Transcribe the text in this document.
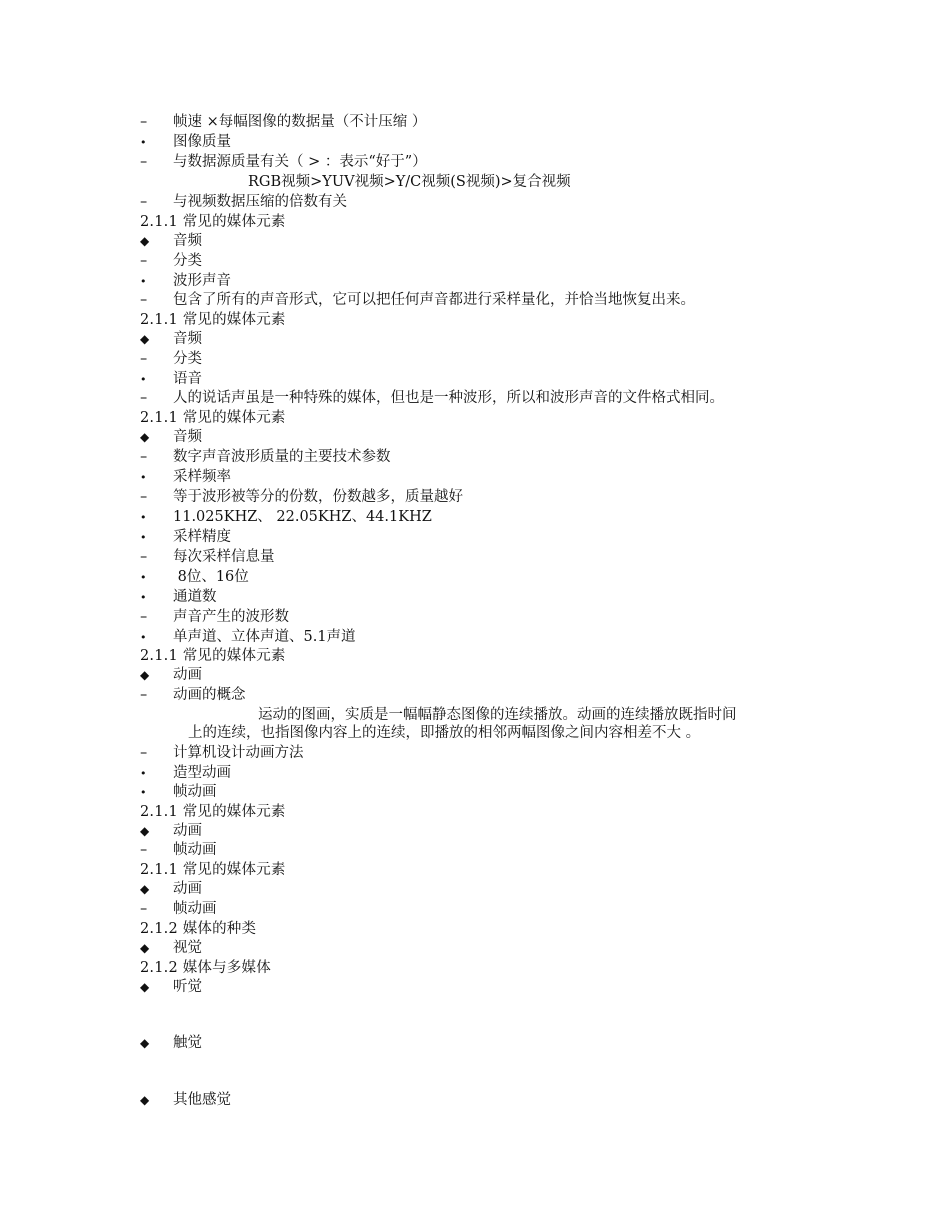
– 帧速 ×每幅图像的数据量（不计压缩 ）
• 图像质量
– 与数据源质量有关（ > ：表示“好于”）
RGB视频>YUV视频>Y/C视频(S视频)>复合视频
– 与视频数据压缩的倍数有关
2.1.1 常见的媒体元素
◆ 音频
– 分类
• 波形声音
– 包含了所有的声音形式，它可以把任何声音都进行采样量化，并恰当地恢复出来。
2.1.1 常见的媒体元素
◆ 音频
– 分类
• 语音
– 人的说话声虽是一种特殊的媒体，但也是一种波形，所以和波形声音的文件格式相同。
2.1.1 常见的媒体元素
◆ 音频
– 数字声音波形质量的主要技术参数
• 采样频率
– 等于波形被等分的份数，份数越多，质量越好
• 11.025KHZ、 22.05KHZ、44.1KHZ
• 采样精度
– 每次采样信息量
• 8位、16位
• 通道数
– 声音产生的波形数
• 单声道、立体声道、5.1声道
2.1.1 常见的媒体元素
◆ 动画
– 动画的概念
运动的图画，实质是一幅幅静态图像的连续播放。动画的连续播放既指时间
上的连续，也指图像内容上的连续，即播放的相邻两幅图像之间内容相差不大 。
– 计算机设计动画方法
• 造型动画
• 帧动画
2.1.1 常见的媒体元素
◆ 动画
– 帧动画
2.1.1 常见的媒体元素
◆ 动画
– 帧动画
2.1.2 媒体的种类
◆ 视觉
2.1.2 媒体与多媒体
◆ 听觉
◆ 触觉
◆ 其他感觉
